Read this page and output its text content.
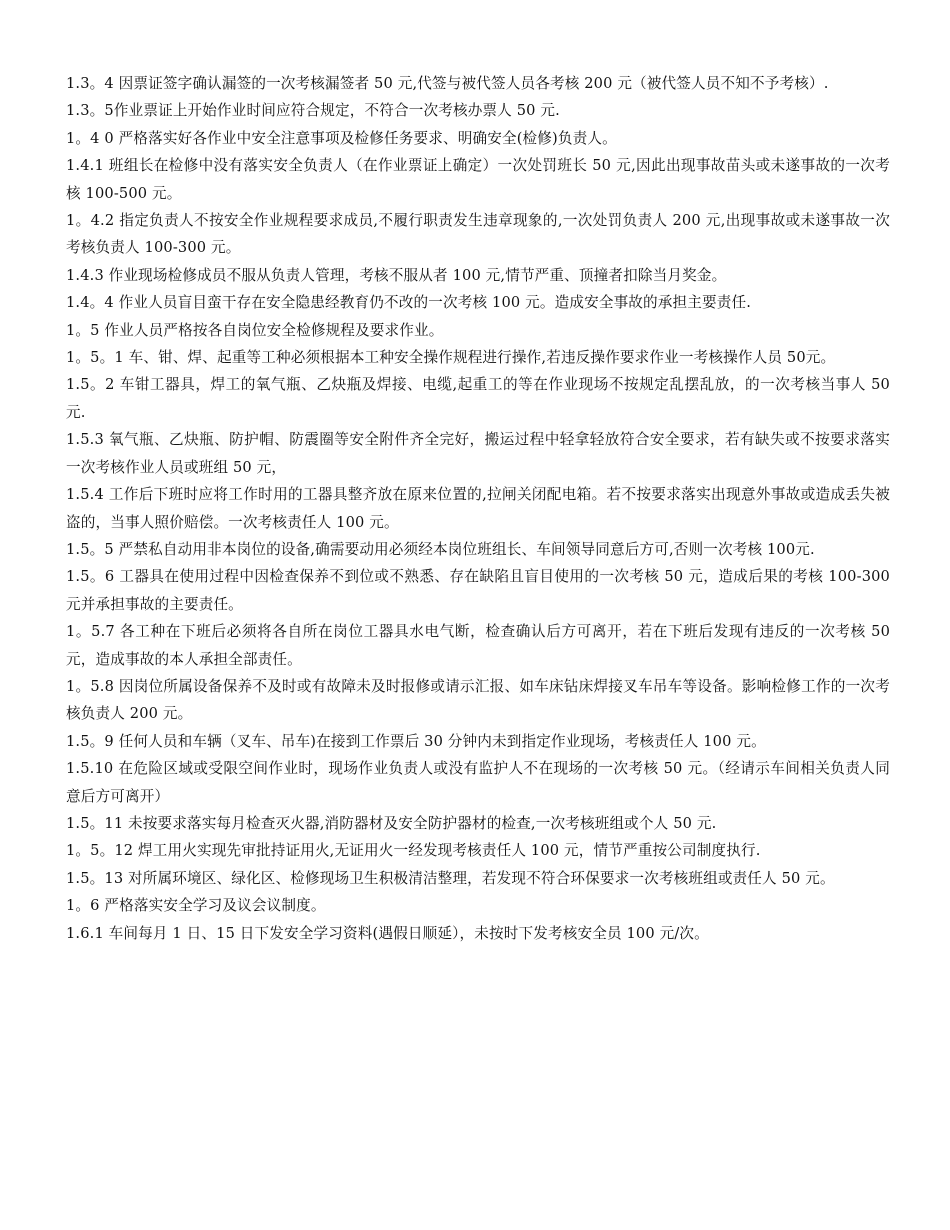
1.3。4 因票证签字确认漏签的一次考核漏签者 50 元,代签与被代签人员各考核 200 元（被代签人员不知不予考核）.

1.3。5作业票证上开始作业时间应符合规定，不符合一次考核办票人 50 元.

1。4 0 严格落实好各作业中安全注意事项及检修任务要求、明确安全(检修)负责人。

1.4.1 班组长在检修中没有落实安全负责人（在作业票证上确定）一次处罚班长 50 元,因此出现事故苗头或未遂事故的一次考核 100-500 元。

1。4.2 指定负责人不按安全作业规程要求成员,不履行职责发生违章现象的,一次处罚负责人 200 元,出现事故或未遂事故一次考核负责人 100-300 元。

1.4.3 作业现场检修成员不服从负责人管理，考核不服从者 100 元,情节严重、顶撞者扣除当月奖金。

1.4。4 作业人员盲目蛮干存在安全隐患经教育仍不改的一次考核 100 元。造成安全事故的承担主要责任.

1。5 作业人员严格按各自岗位安全检修规程及要求作业。

1。5。1 车、钳、焊、起重等工种必须根据本工种安全操作规程进行操作,若违反操作要求作业一考核操作人员 50元。

1.5。2 车钳工器具，焊工的氧气瓶、乙炔瓶及焊接、电缆,起重工的等在作业现场不按规定乱摆乱放，的一次考核当事人 50 元.

1.5.3 氧气瓶、乙炔瓶、防护帽、防震圈等安全附件齐全完好，搬运过程中轻拿轻放符合安全要求，若有缺失或不按要求落实一次考核作业人员或班组 50 元，

1.5.4 工作后下班时应将工作时用的工器具整齐放在原来位置的,拉闸关闭配电箱。若不按要求落实出现意外事故或造成丢失被盗的，当事人照价赔偿。一次考核责任人 100 元。

1.5。5 严禁私自动用非本岗位的设备,确需要动用必须经本岗位班组长、车间领导同意后方可,否则一次考核 100元.

1.5。6 工器具在使用过程中因检查保养不到位或不熟悉、存在缺陷且盲目使用的一次考核 50 元，造成后果的考核 100-300 元并承担事故的主要责任。

1。5.7 各工种在下班后必须将各自所在岗位工器具水电气断，检查确认后方可离开，若在下班后发现有违反的一次考核 50 元，造成事故的本人承担全部责任。

1。5.8 因岗位所属设备保养不及时或有故障未及时报修或请示汇报、如车床钻床焊接叉车吊车等设备。影响检修工作的一次考核负责人 200 元。

1.5。9 任何人员和车辆（叉车、吊车)在接到工作票后 30 分钟内未到指定作业现场，考核责任人 100 元。

1.5.10 在危险区域或受限空间作业时，现场作业负责人或没有监护人不在现场的一次考核 50 元。（经请示车间相关负责人同意后方可离开）

1.5。11 未按要求落实每月检查灭火器,消防器材及安全防护器材的检查,一次考核班组或个人 50 元.

1。5。12 焊工用火实现先审批持证用火,无证用火一经发现考核责任人 100 元，情节严重按公司制度执行.

1.5。13 对所属环境区、绿化区、检修现场卫生积极清洁整理，若发现不符合环保要求一次考核班组或责任人 50 元。

1。6 严格落实安全学习及议会议制度。

1.6.1 车间每月 1 日、15 日下发安全学习资料(遇假日顺延），未按时下发考核安全员 100 元/次。
